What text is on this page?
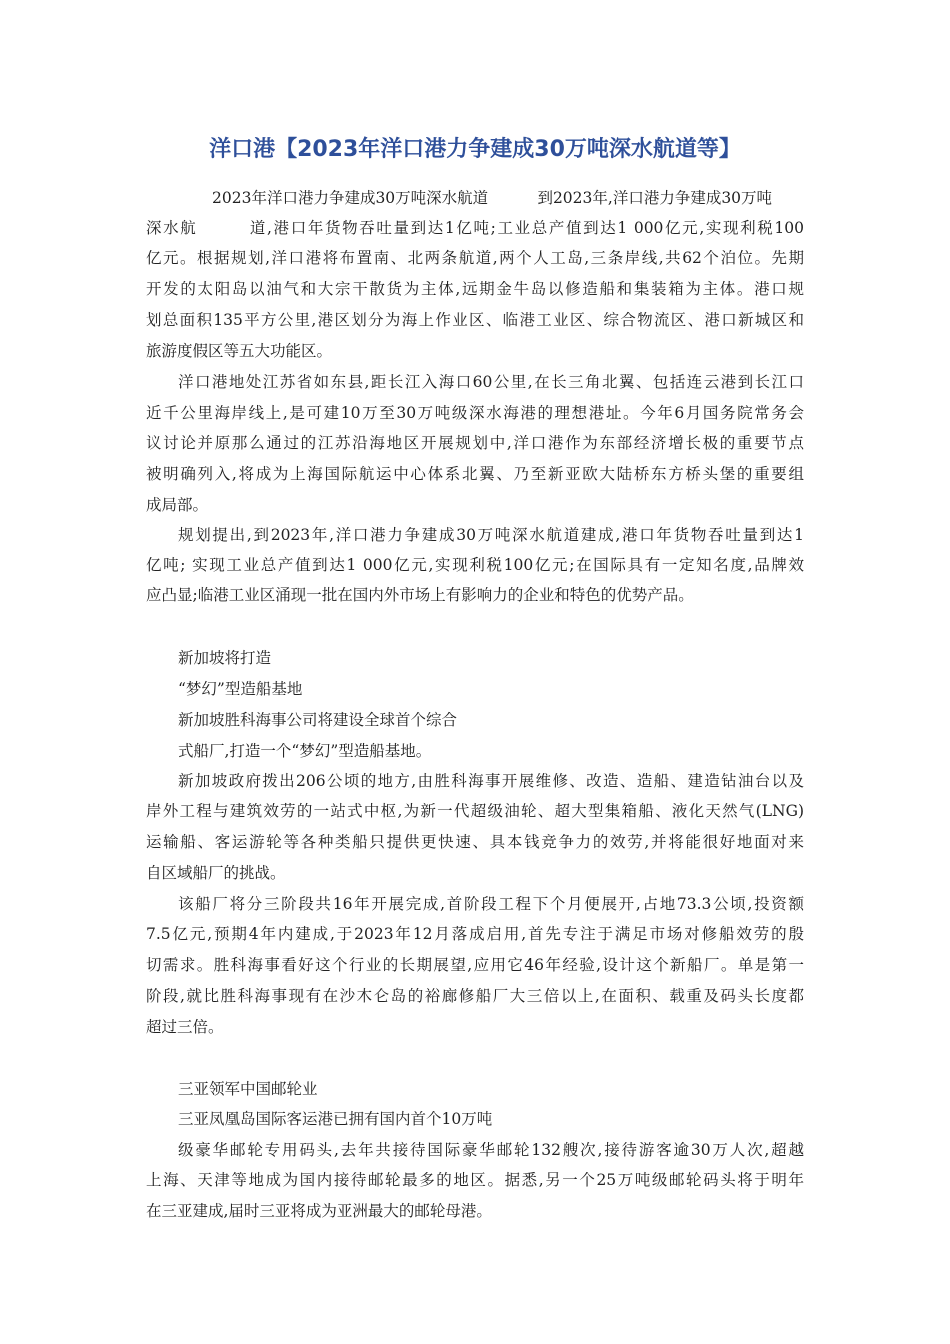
洋口港【2023年洋口港力争建成30万吨深水航道等】
2023年洋口港力争建成30万吨深水航道          到2023年,洋口港力争建成30万吨
深水航        道,港口年货物吞吐量到达1亿吨;工业总产值到达1 000亿元,实现利税100
亿元。根据规划,洋口港将布置南、北两条航道,两个人工岛,三条岸线,共62个泊位。先期
开发的太阳岛以油气和大宗干散货为主体,远期金牛岛以修造船和集装箱为主体。港口规
划总面积135平方公里,港区划分为海上作业区、临港工业区、综合物流区、港口新城区和
旅游度假区等五大功能区。
洋口港地处江苏省如东县,距长江入海口60公里,在长三角北翼、包括连云港到长江口
近千公里海岸线上,是可建10万至30万吨级深水海港的理想港址。今年6月国务院常务会
议讨论并原那么通过的江苏沿海地区开展规划中,洋口港作为东部经济增长极的重要节点
被明确列入,将成为上海国际航运中心体系北翼、乃至新亚欧大陆桥东方桥头堡的重要组
成局部。
规划提出,到2023年,洋口港力争建成30万吨深水航道建成,港口年货物吞吐量到达1
亿吨; 实现工业总产值到达1 000亿元,实现利税100亿元;在国际具有一定知名度,品牌效
应凸显;临港工业区涌现一批在国内外市场上有影响力的企业和特色的优势产品。
新加坡将打造
“梦幻”型造船基地
新加坡胜科海事公司将建设全球首个综合
式船厂,打造一个“梦幻”型造船基地。
新加坡政府拨出206公顷的地方,由胜科海事开展维修、改造、造船、建造钻油台以及
岸外工程与建筑效劳的一站式中枢,为新一代超级油轮、超大型集箱船、液化天然气(LNG)
运输船、客运游轮等各种类船只提供更快速、具本钱竞争力的效劳,并将能很好地面对来
自区域船厂的挑战。
该船厂将分三阶段共16年开展完成,首阶段工程下个月便展开,占地73.3公顷,投资额
7.5亿元,预期4年内建成,于2023年12月落成启用,首先专注于满足市场对修船效劳的殷
切需求。胜科海事看好这个行业的长期展望,应用它46年经验,设计这个新船厂。单是第一
阶段,就比胜科海事现有在沙木仑岛的裕廊修船厂大三倍以上,在面积、载重及码头长度都
超过三倍。
三亚领军中国邮轮业
三亚凤凰岛国际客运港已拥有国内首个10万吨
级豪华邮轮专用码头,去年共接待国际豪华邮轮132艘次,接待游客逾30万人次,超越
上海、天津等地成为国内接待邮轮最多的地区。据悉,另一个25万吨级邮轮码头将于明年
在三亚建成,届时三亚将成为亚洲最大的邮轮母港。
